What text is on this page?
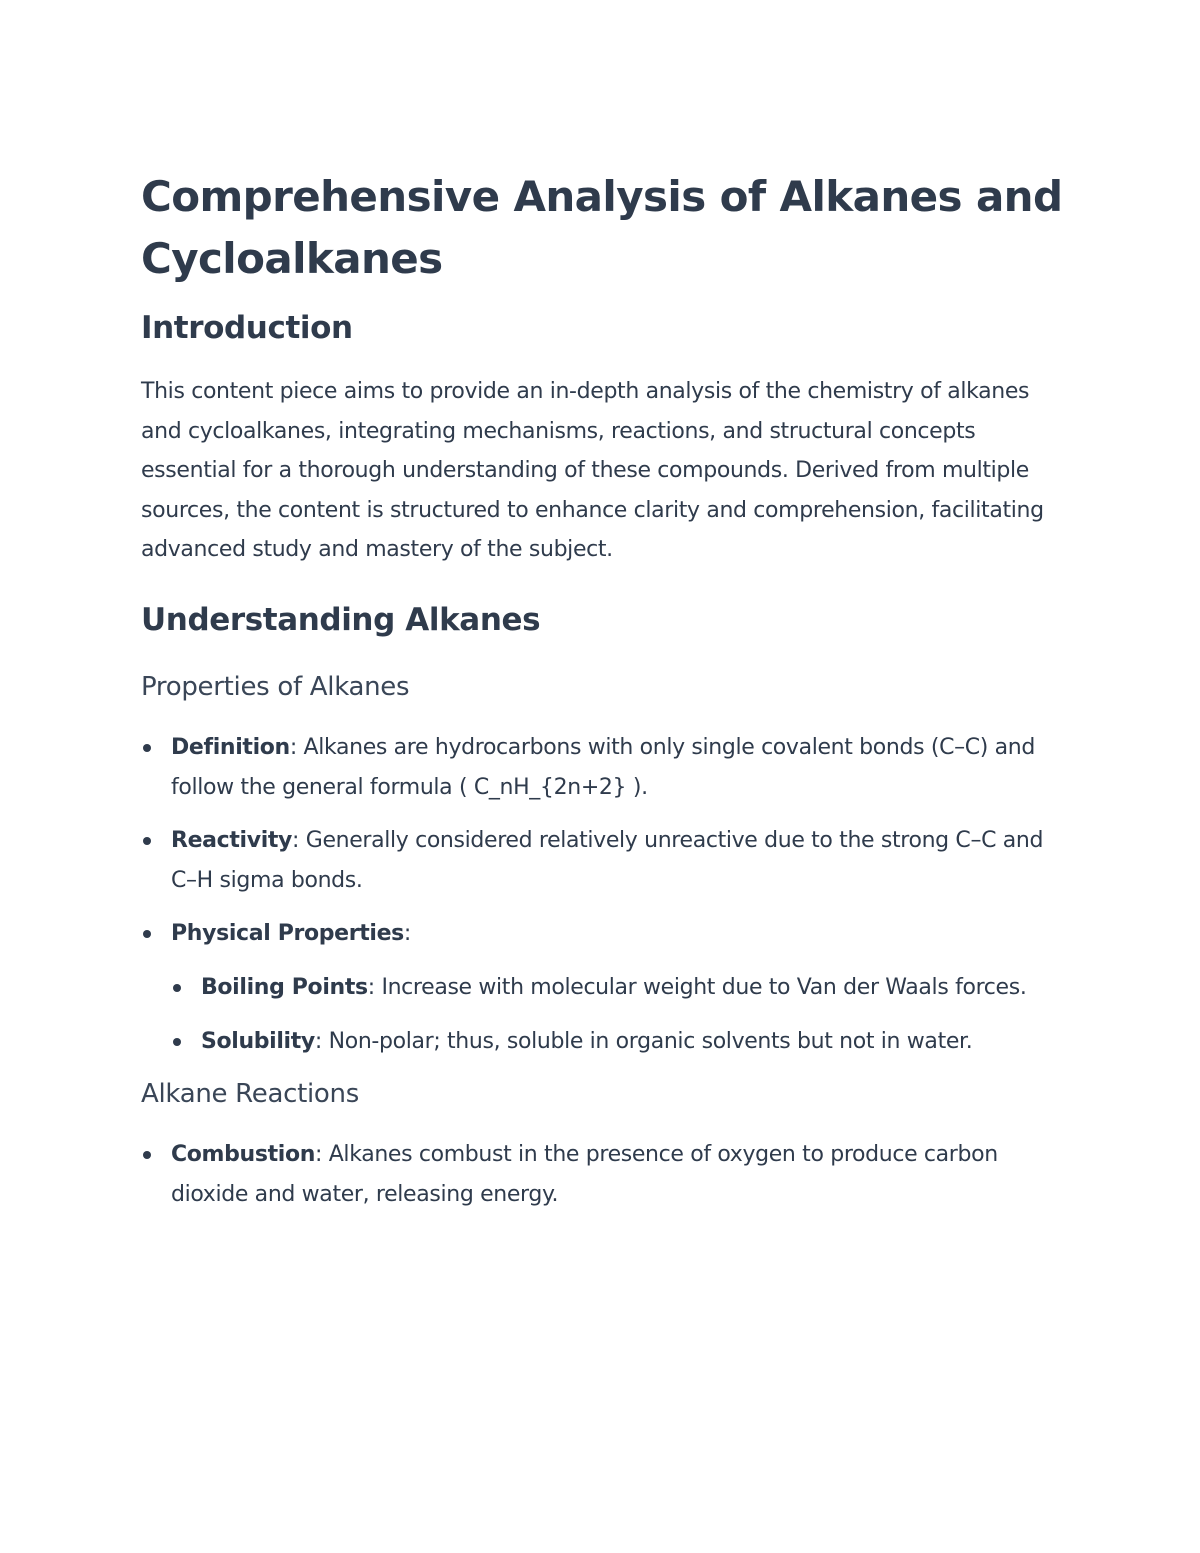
Comprehensive Analysis of Alkanes and Cycloalkanes
Introduction

This content piece aims to provide an in-depth analysis of the chemistry of alkanes and cycloalkanes, integrating mechanisms, reactions, and structural concepts essential for a thorough understanding of these compounds. Derived from multiple sources, the content is structured to enhance clarity and comprehension, facilitating advanced study and mastery of the subject.

Understanding Alkanes
Properties of Alkanes
Definition: Alkanes are hydrocarbons with only single covalent bonds (C–C) and follow the general formula ( C_nH_{2n+2} ).
Reactivity: Generally considered relatively unreactive due to the strong C–C and C–H sigma bonds.
Physical Properties:
Boiling Points: Increase with molecular weight due to Van der Waals forces.
Solubility: Non-polar; thus, soluble in organic solvents but not in water.
Alkane Reactions
Combustion: Alkanes combust in the presence of oxygen to produce carbon dioxide and water, releasing energy.
